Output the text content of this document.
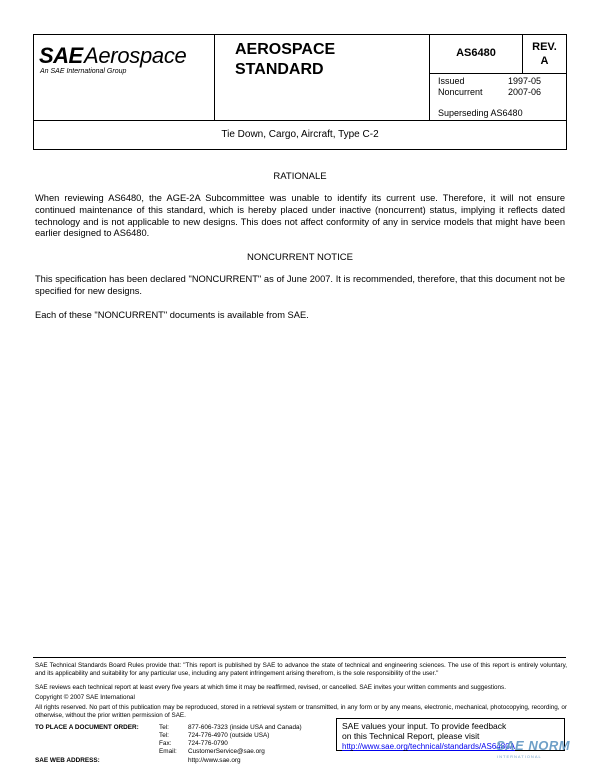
SAE Aerospace
An SAE International Group
AEROSPACE
STANDARD
AS6480	REV.
A
Issued	1997-05
Noncurrent	2007-06
Superseding AS6480
Tie Down, Cargo, Aircraft, Type C-2
RATIONALE
When reviewing AS6480, the AGE-2A Subcommittee was unable to identify its current use. Therefore, it will not ensure continued maintenance of this standard, which is hereby placed under inactive (noncurrent) status, implying it reflects dated technology and is not applicable to new designs. This does not affect conformity of any in service models that might have been earlier designed to AS6480.
NONCURRENT NOTICE
This specification has been declared "NONCURRENT" as of June 2007. It is recommended, therefore, that this document not be specified for new designs.
Each of these "NONCURRENT" documents is available from SAE.
SAE Technical Standards Board Rules provide that: "This report is published by SAE to advance the state of technical and engineering sciences. The use of this report is entirely voluntary, and its applicability and suitability for any particular use, including any patent infringement arising therefrom, is the sole responsibility of the user."
SAE reviews each technical report at least every five years at which time it may be reaffirmed, revised, or cancelled. SAE invites your written comments and suggestions.
Copyright © 2007 SAE International
All rights reserved. No part of this publication may be reproduced, stored in a retrieval system or transmitted, in any form or by any means, electronic, mechanical, photocopying, recording, or otherwise, without the prior written permission of SAE.
TO PLACE A DOCUMENT ORDER:
SAE WEB ADDRESS:
Tel:	877-606-7323 (inside USA and Canada)
Tel:	724-776-4970 (outside USA)
Fax:	724-776-0790
Email:	CustomerService@sae.org
http://www.sae.org
SAE values your input. To provide feedback
on this Technical Report, please visit
http://www.sae.org/technical/standards/AS6480A
SAE NORM
INTERNATIONAL
